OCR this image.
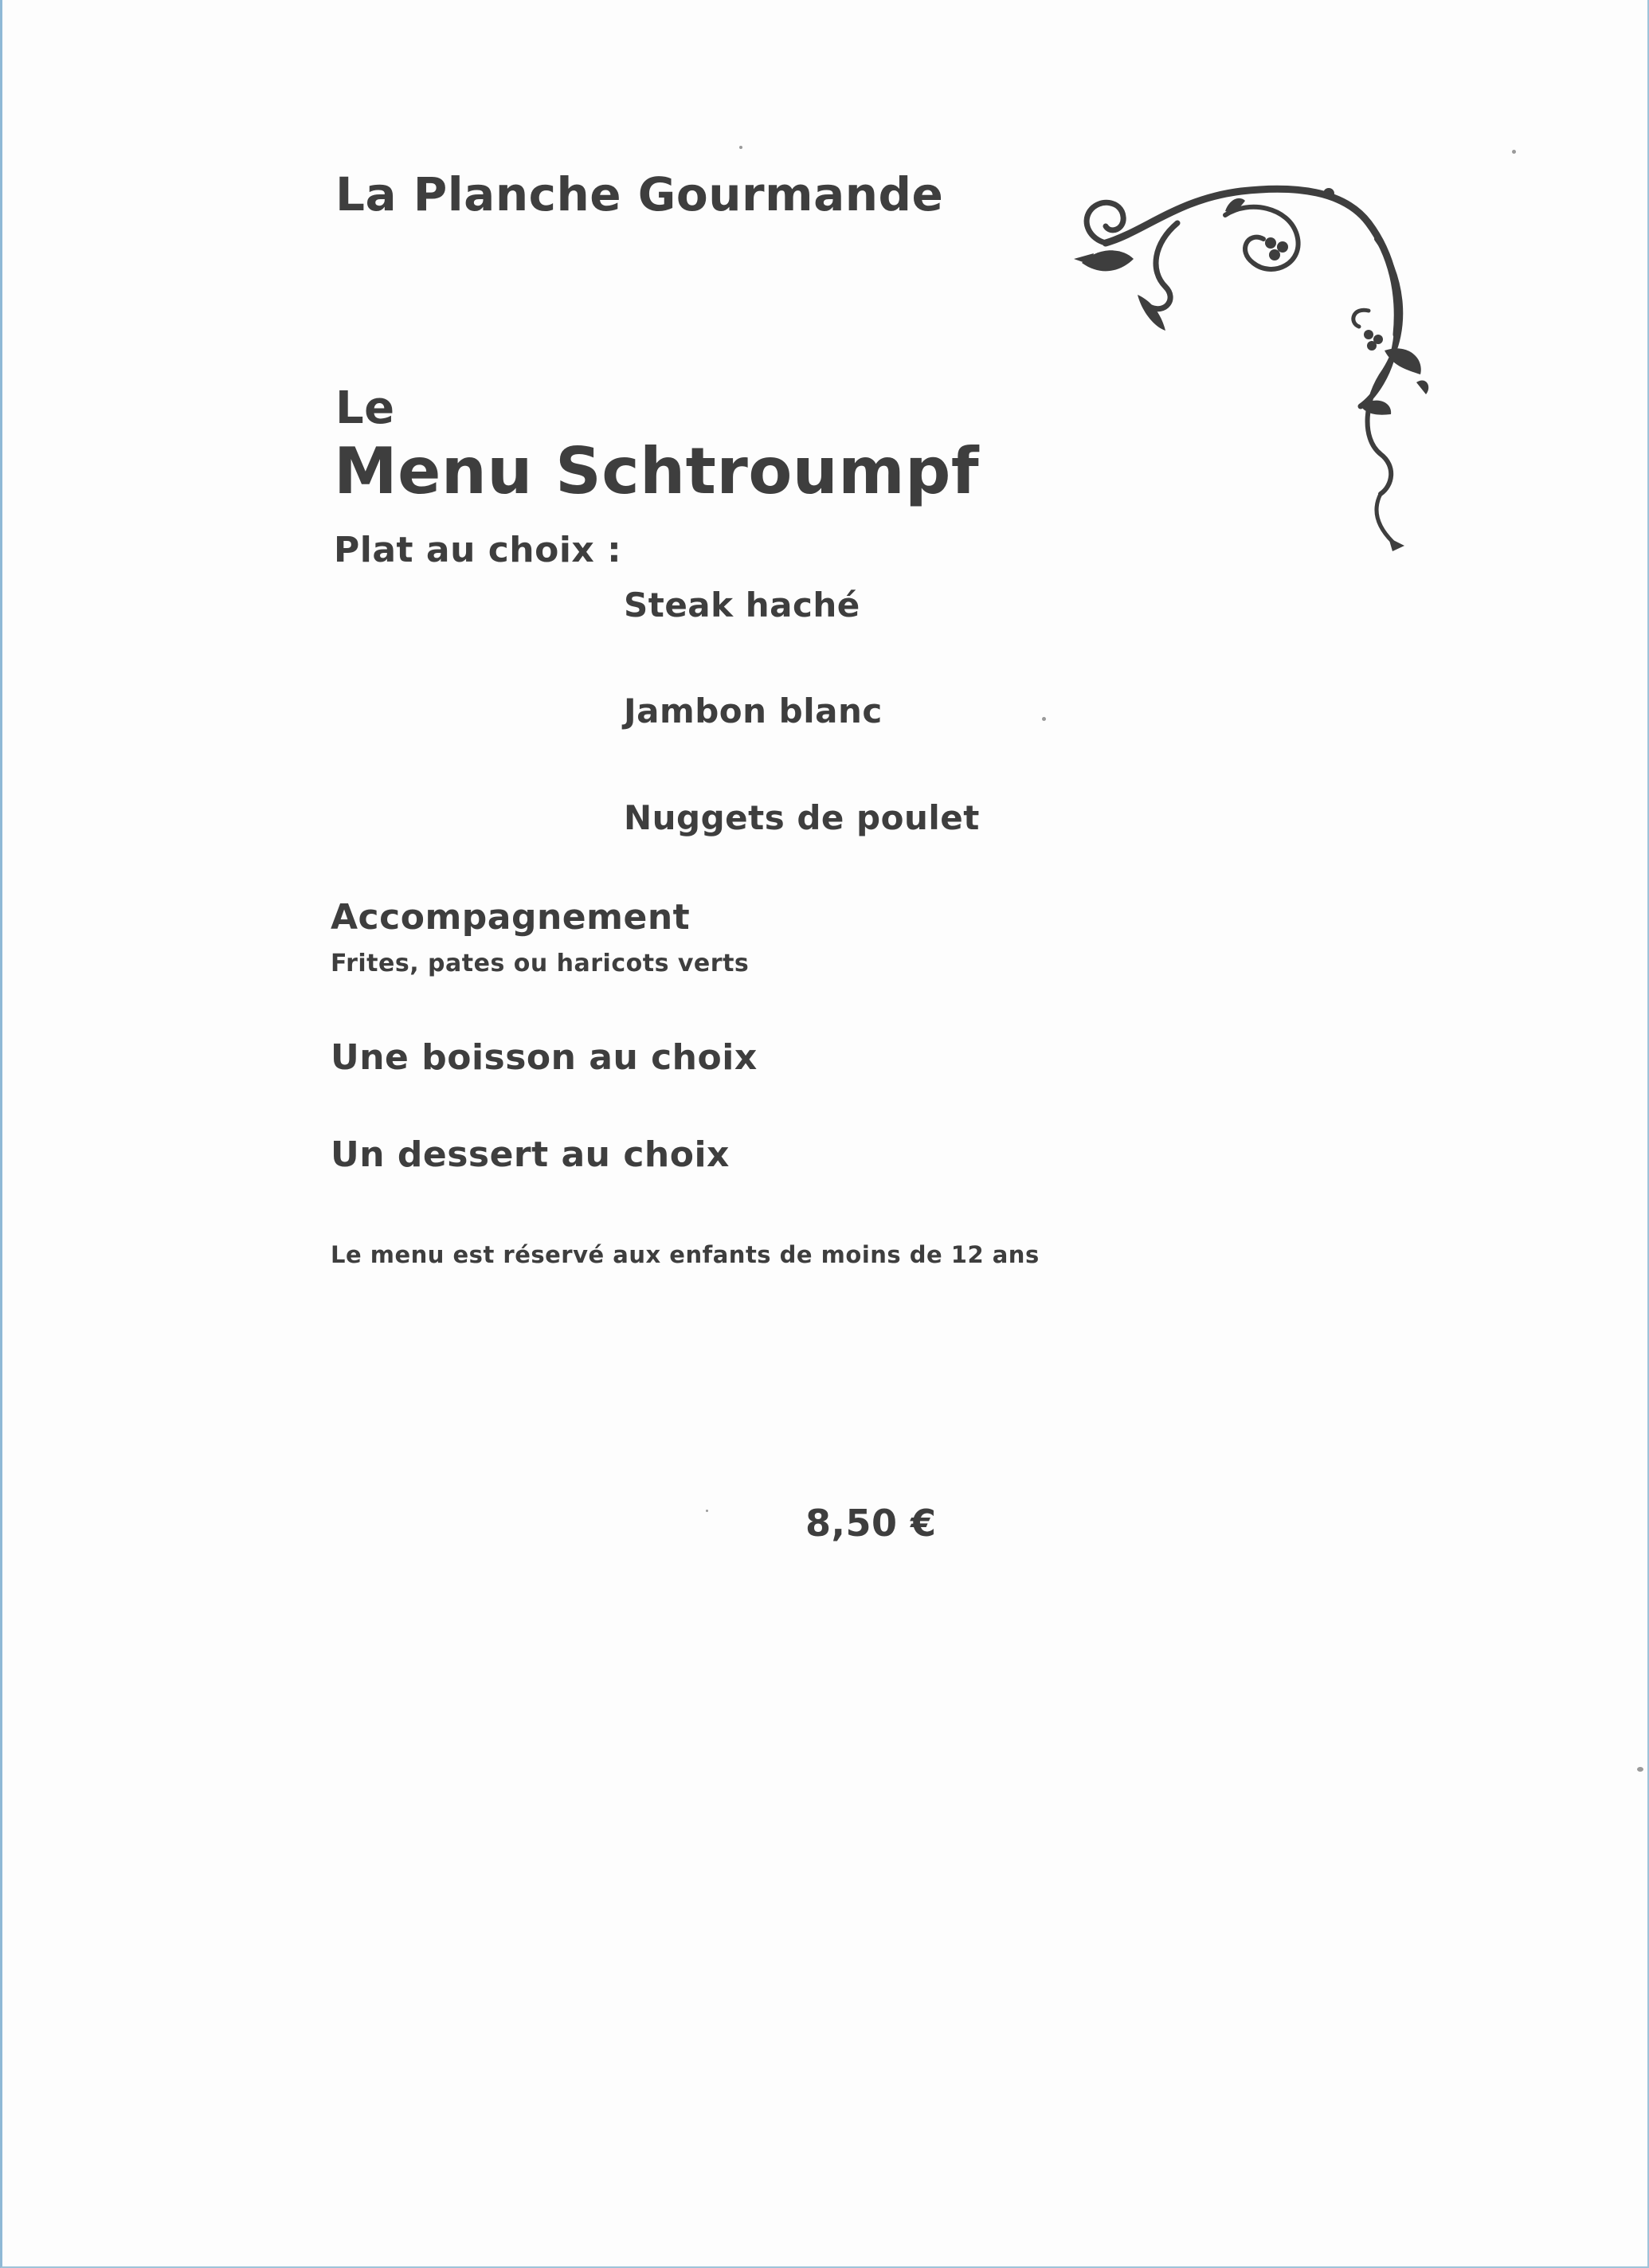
La Planche Gourmande
Le
Menu Schtroumpf
Plat au choix :
Steak haché
Jambon blanc
Nuggets de poulet
Accompagnement
Frites, pates ou haricots verts
Une boisson au choix
Un dessert au choix
Le menu est réservé aux enfants de moins de 12 ans
8,50 €
